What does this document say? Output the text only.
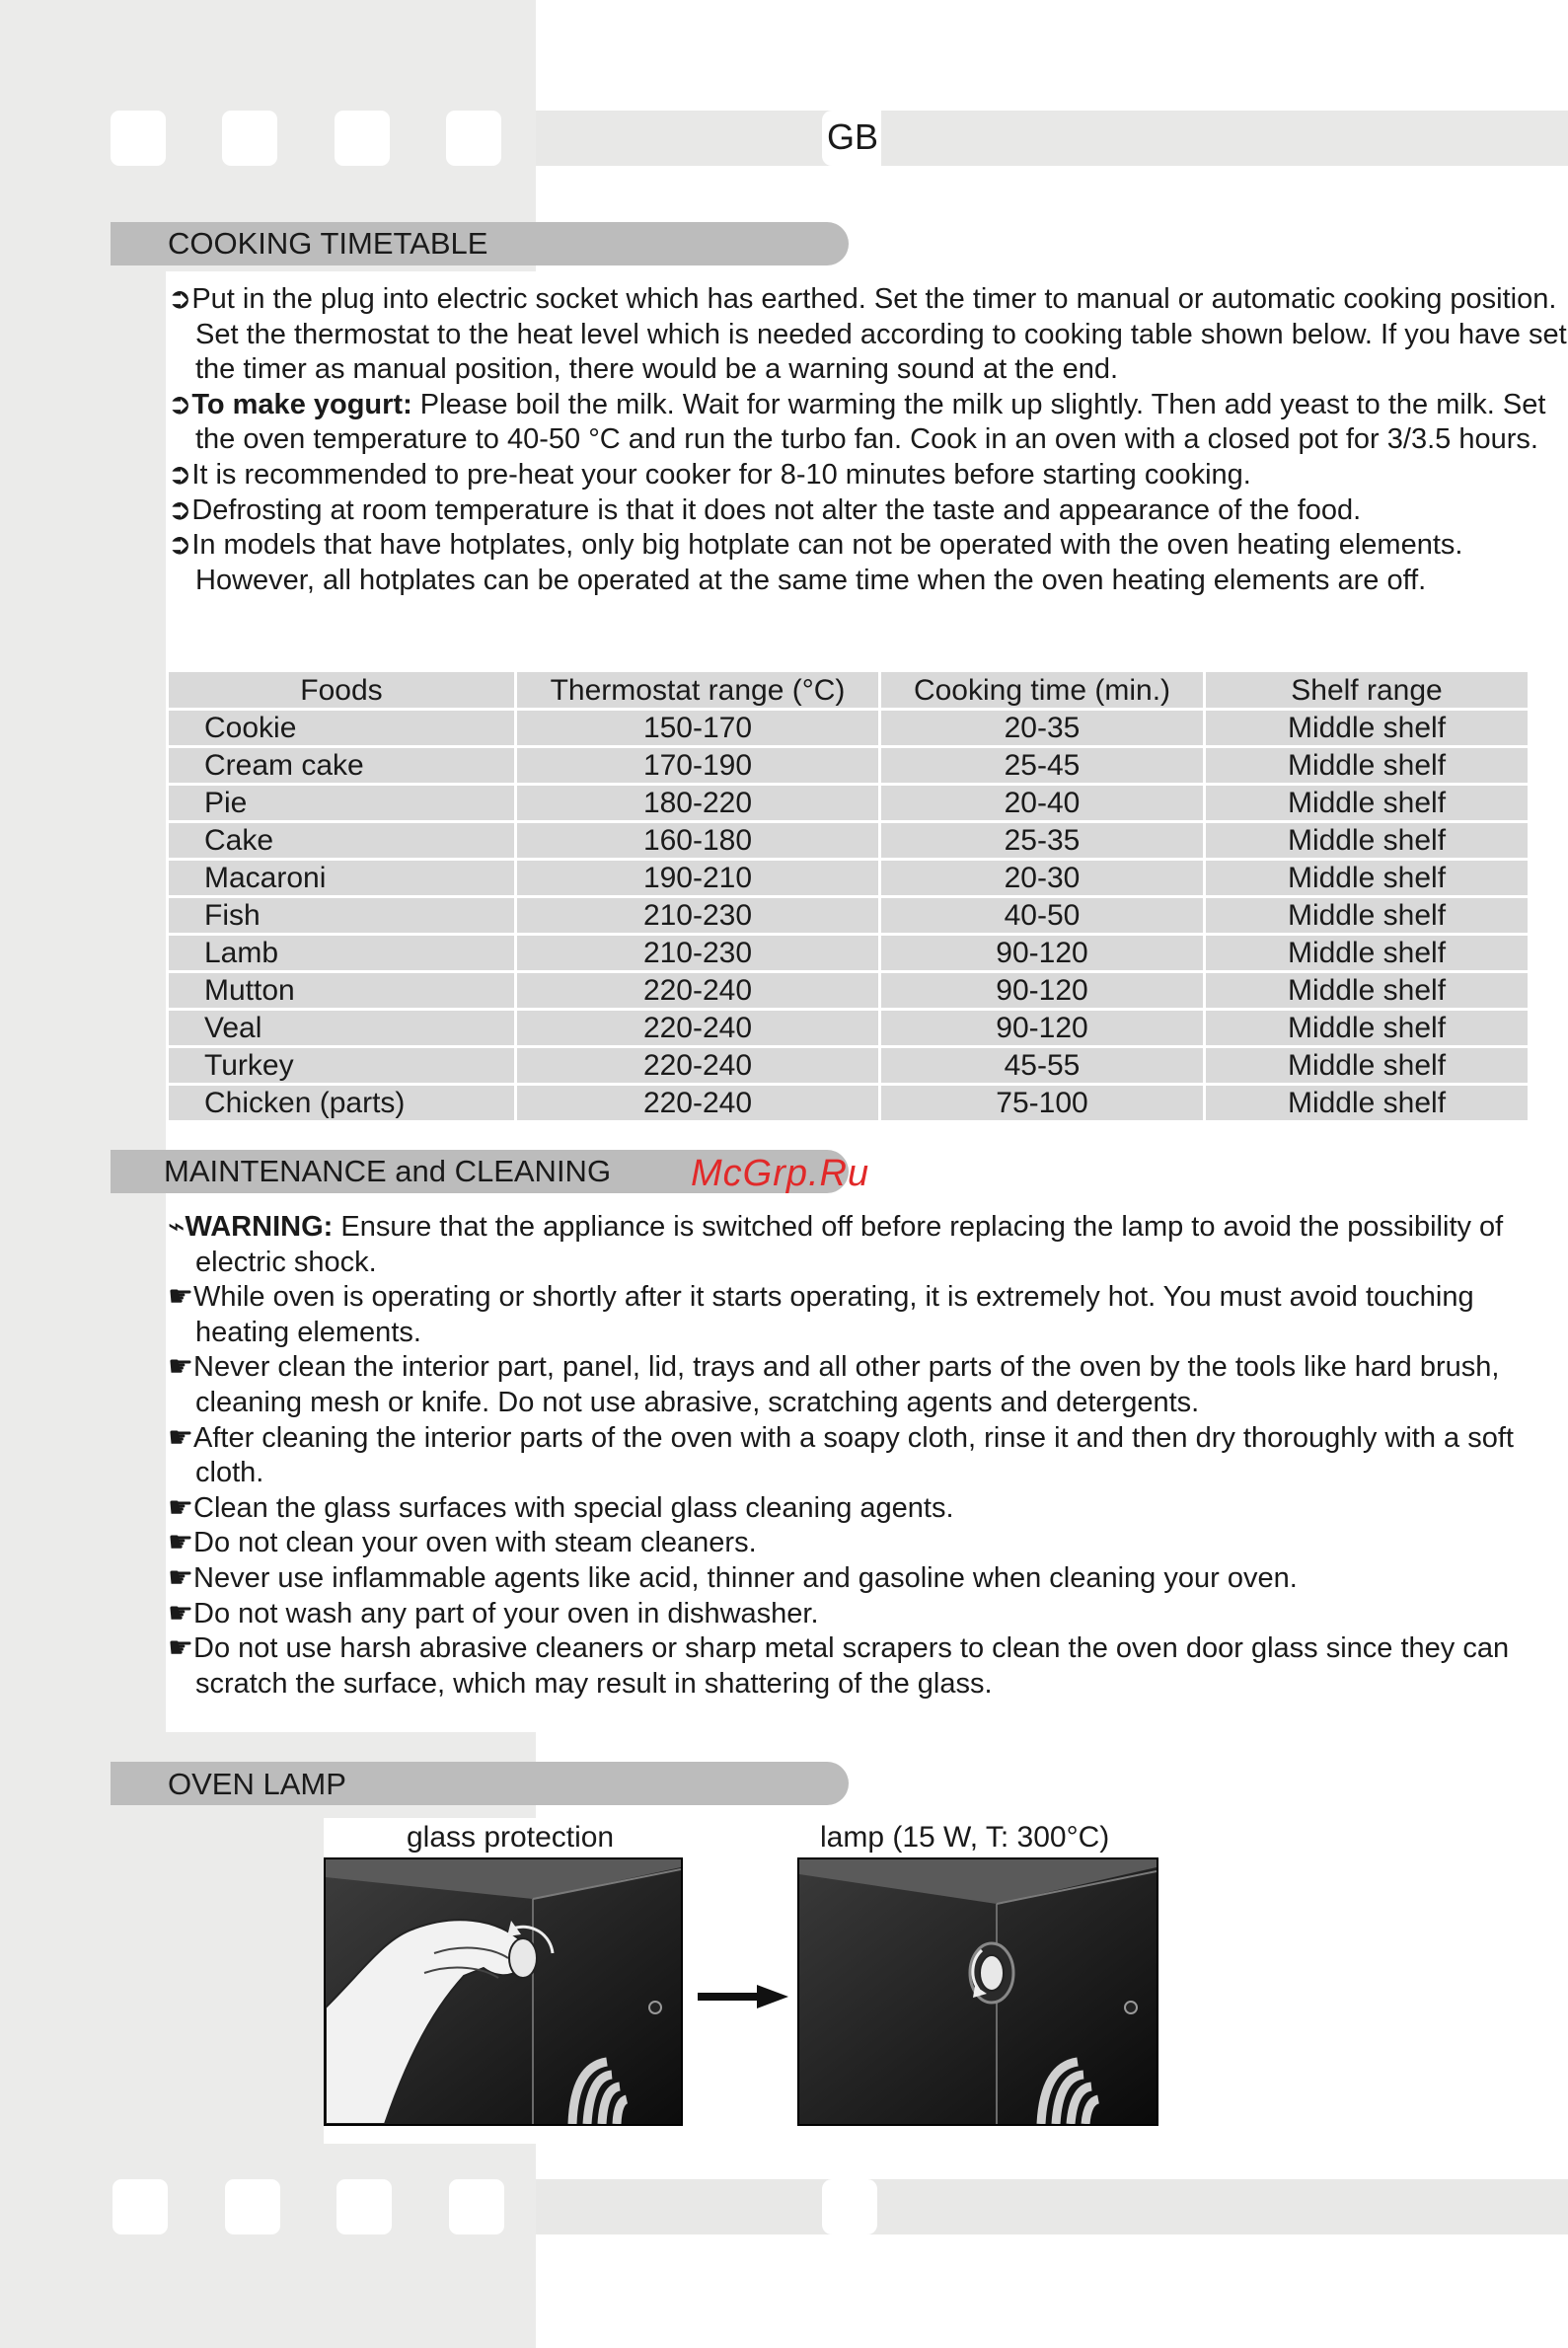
GB
COOKING TIMETABLE

➲Put in the plug into electric socket which has earthed. Set the timer to manual or automatic cooking position. Set the thermostat to the heat level which is needed according to cooking table shown below. If you have set the timer as manual position, there would be a warning sound at the end.

➲To make yogurt: Please boil the milk. Wait for warming the milk up slightly. Then add yeast to the milk. Set the oven temperature to 40-50 °C and run the turbo fan. Cook in an oven with a closed pot for 3/3.5 hours.

➲It is recommended to pre-heat your cooker for 8-10 minutes before starting cooking.

➲Defrosting at room temperature is that it does not alter the taste and appearance of the food.

➲In models that have hotplates, only big hotplate can not be operated with the oven heating elements. However, all hotplates can be operated at the same time when the oven heating elements are off.

Foods	Thermostat range (°C)	Cooking time (min.)	Shelf range
Cookie	150-170	20-35	Middle shelf
Cream cake	170-190	25-45	Middle shelf
Pie	180-220	20-40	Middle shelf
Cake	160-180	25-35	Middle shelf
Macaroni	190-210	20-30	Middle shelf
Fish	210-230	40-50	Middle shelf
Lamb	210-230	90-120	Middle shelf
Mutton	220-240	90-120	Middle shelf
Veal	220-240	90-120	Middle shelf
Turkey	220-240	45-55	Middle shelf
Chicken (parts)	220-240	75-100	Middle shelf
MAINTENANCE and CLEANING McGrp.Ru

⌁WARNING: Ensure that the appliance is switched off before replacing the lamp to avoid the possibility of electric shock.

☛While oven is operating or shortly after it starts operating, it is extremely hot. You must avoid touching heating elements.

☛Never clean the interior part, panel, lid, trays and all other parts of the oven by the tools like hard brush, cleaning mesh or knife. Do not use abrasive, scratching agents and detergents.

☛After cleaning the interior parts of the oven with a soapy cloth, rinse it and then dry thoroughly with a soft cloth.

☛Clean the glass surfaces with special glass cleaning agents.

☛Do not clean your oven with steam cleaners.

☛Never use inflammable agents like acid, thinner and gasoline when cleaning your oven.

☛Do not wash any part of your oven in dishwasher.

☛Do not use harsh abrasive cleaners or sharp metal scrapers to clean the oven door glass since they can scratch the surface, which may result in shattering of the glass.

OVEN LAMP
glass protection	lamp (15 W, T: 300°C)
